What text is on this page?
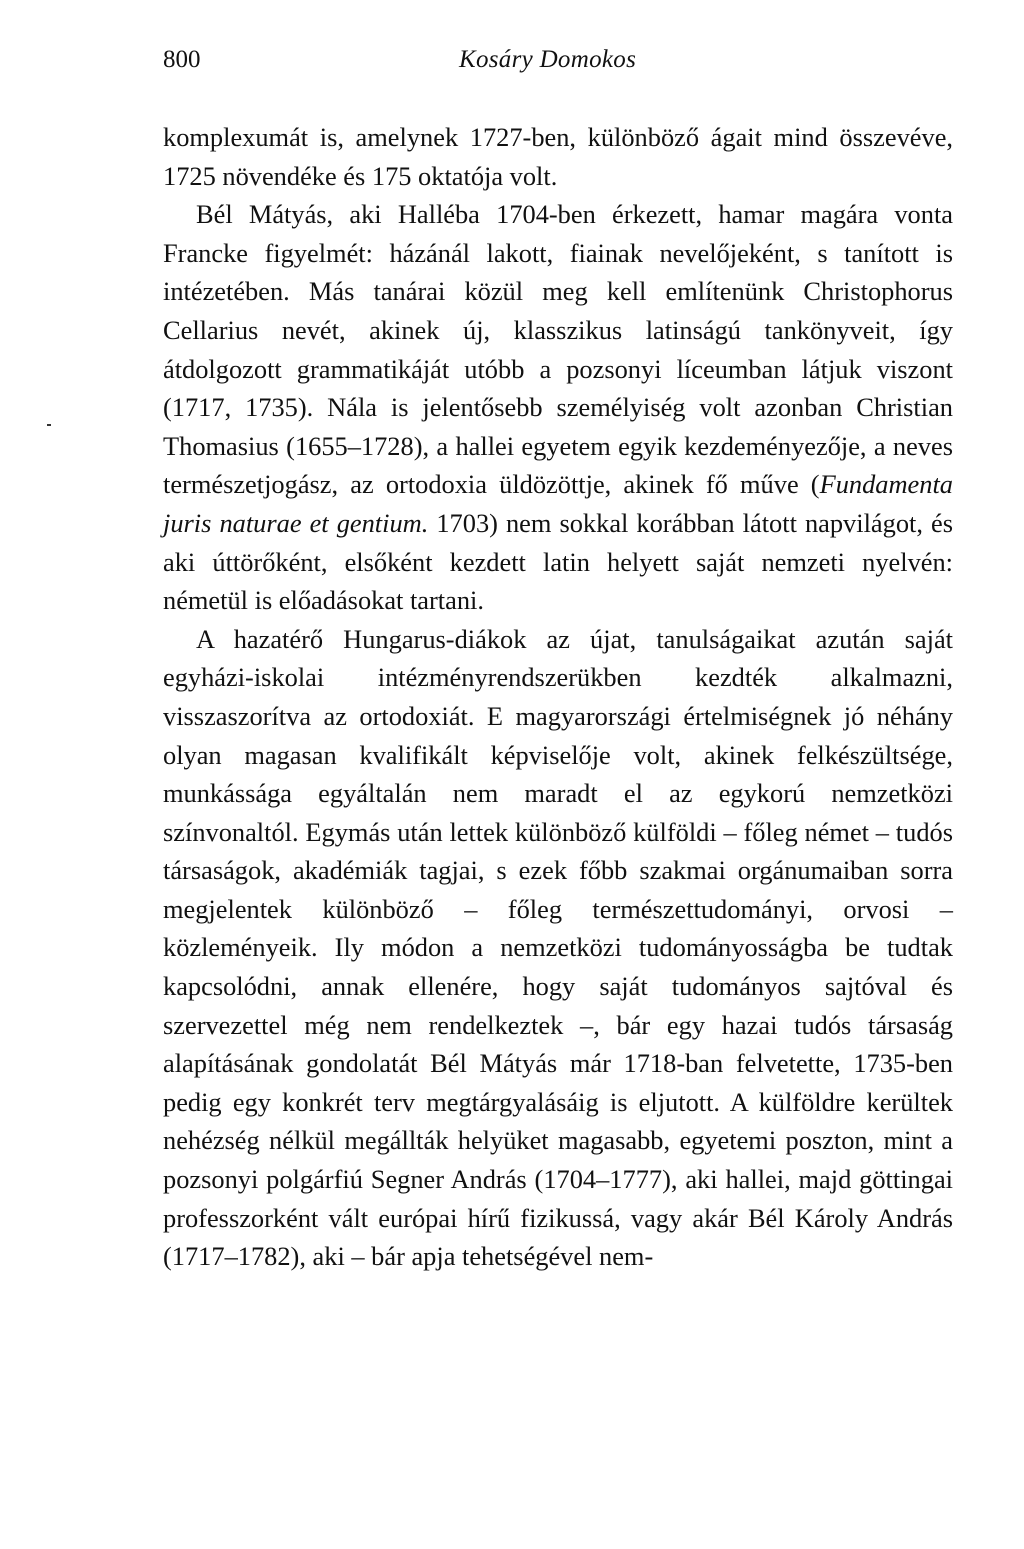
800	Kosáry Domokos

komplexumát is, amelynek 1727-ben, különböző ágait mind összevéve, 1725 növendéke és 175 oktatója volt.

Bél Mátyás, aki Halléba 1704-ben érkezett, hamar magára vonta Francke figyelmét: házánál lakott, fiainak nevelőjeként, s tanított is intézetében. Más tanárai közül meg kell említenünk Christophorus Cellarius nevét, akinek új, klasszikus latinságú tankönyveit, így átdolgozott grammatikáját utóbb a pozsonyi líceumban látjuk viszont (1717, 1735). Nála is jelentősebb személyiség volt azonban Christian Thomasius (1655–1728), a hallei egyetem egyik kezdeményezője, a neves természetjogász, az ortodoxia üldözöttje, akinek fő műve (Fundamenta juris naturae et gentium. 1703) nem sokkal korábban látott napvilágot, és aki úttörőként, elsőként kezdett latin helyett saját nemzeti nyelvén: németül is előadásokat tartani.

A hazatérő Hungarus-diákok az újat, tanulságaikat azután saját egyházi-iskolai intézményrendszerükben kezdték alkalmazni, visszaszorítva az ortodoxiát. E magyarországi értelmiségnek jó néhány olyan magasan kvalifikált képviselője volt, akinek felkészültsége, munkássága egyáltalán nem maradt el az egykorú nemzetközi színvonaltól. Egymás után lettek különböző külföldi – főleg német – tudós társaságok, akadémiák tagjai, s ezek főbb szakmai orgánumaiban sorra megjelentek különböző – főleg természettudományi, orvosi – közleményeik. Ily módon a nemzetközi tudományosságba be tudtak kapcsolódni, annak ellenére, hogy saját tudományos sajtóval és szervezettel még nem rendelkeztek –, bár egy hazai tudós társaság alapításának gondolatát Bél Mátyás már 1718-ban felvetette, 1735-ben pedig egy konkrét terv megtárgyalásáig is eljutott. A külföldre kerültek nehézség nélkül megállták helyüket magasabb, egyetemi poszton, mint a pozsonyi polgárfiú Segner András (1704–1777), aki hallei, majd göttingai professzorként vált európai hírű fizikussá, vagy akár Bél Károly András (1717–1782), aki – bár apja tehetségével nem-
